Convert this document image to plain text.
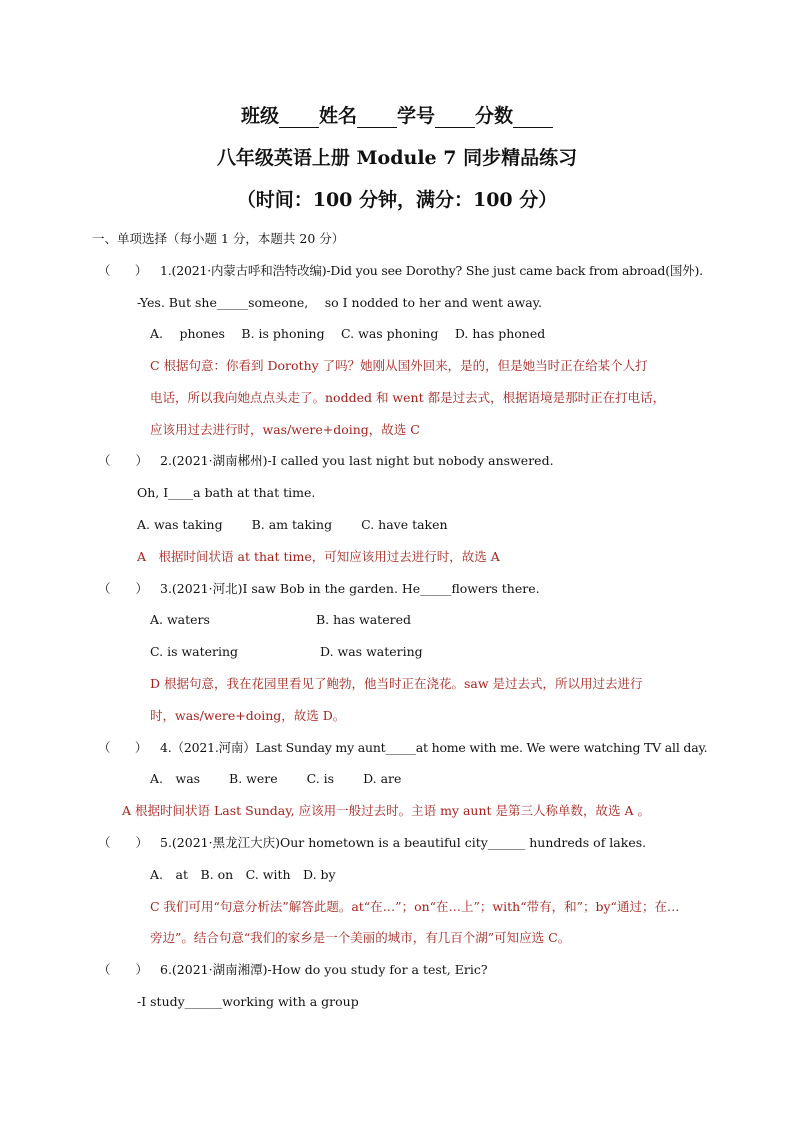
班级 姓名 学号 分数
八年级英语上册 Module 7 同步精品练习
（时间：100 分钟，满分：100 分）
一、单项选择（每小题 1 分，本题共 20 分）
（　　） 1.(2021·内蒙古呼和浩特改编)-Did you see Dorothy? She just came back from abroad(国外).
-Yes. But she_____someone,　 so I nodded to her and went away.
A.　 phones　 B. is phoning　 C. was phoning　 D. has phoned
C 根据句意：你看到 Dorothy 了吗？她刚从国外回来，是的，但是她当时正在给某个人打
电话，所以我向她点点头走了。nodded 和 went 都是过去式，根据语境是那时正在打电话，
应该用过去进行时，was/were+doing，故选 C
（　　） 2.(2021·湖南郴州)-I called you last night but nobody answered.
Oh, I____a bath at that time.
A. was taking　　 B. am taking　　 C. have taken
A　根据时间状语 at that time，可知应该用过去进行时，故选 A
（　　） 3.(2021·河北)I saw Bob in the garden. He_____flowers there.
A. waters	B. has watered
C. is watering	D. was watering
D 根据句意，我在花园里看见了鲍勃，他当时正在浇花。saw 是过去式，所以用过去进行
时，was/were+doing，故选 D。
（　　） 4.（2021.河南）Last Sunday my aunt_____at home with me. We were watching TV all day.
A.　was　　 B. were　　 C. is　　 D. are
A 根据时间状语 Last Sunday, 应该用一般过去时。主语 my aunt 是第三人称单数，故选 A 。
（　　） 5.(2021·黑龙江大庆)Our hometown is a beautiful city______ hundreds of lakes.
A.　at　B. on　C. with　D. by
C 我们可用“句意分析法”解答此题。at“在…”；on“在…上”；with“带有，和”；by“通过；在…
旁边”。结合句意“我们的家乡是一个美丽的城市，有几百个湖”可知应选 C。
（　　） 6.(2021·湖南湘潭)-How do you study for a test, Eric?
-I study______working with a group
